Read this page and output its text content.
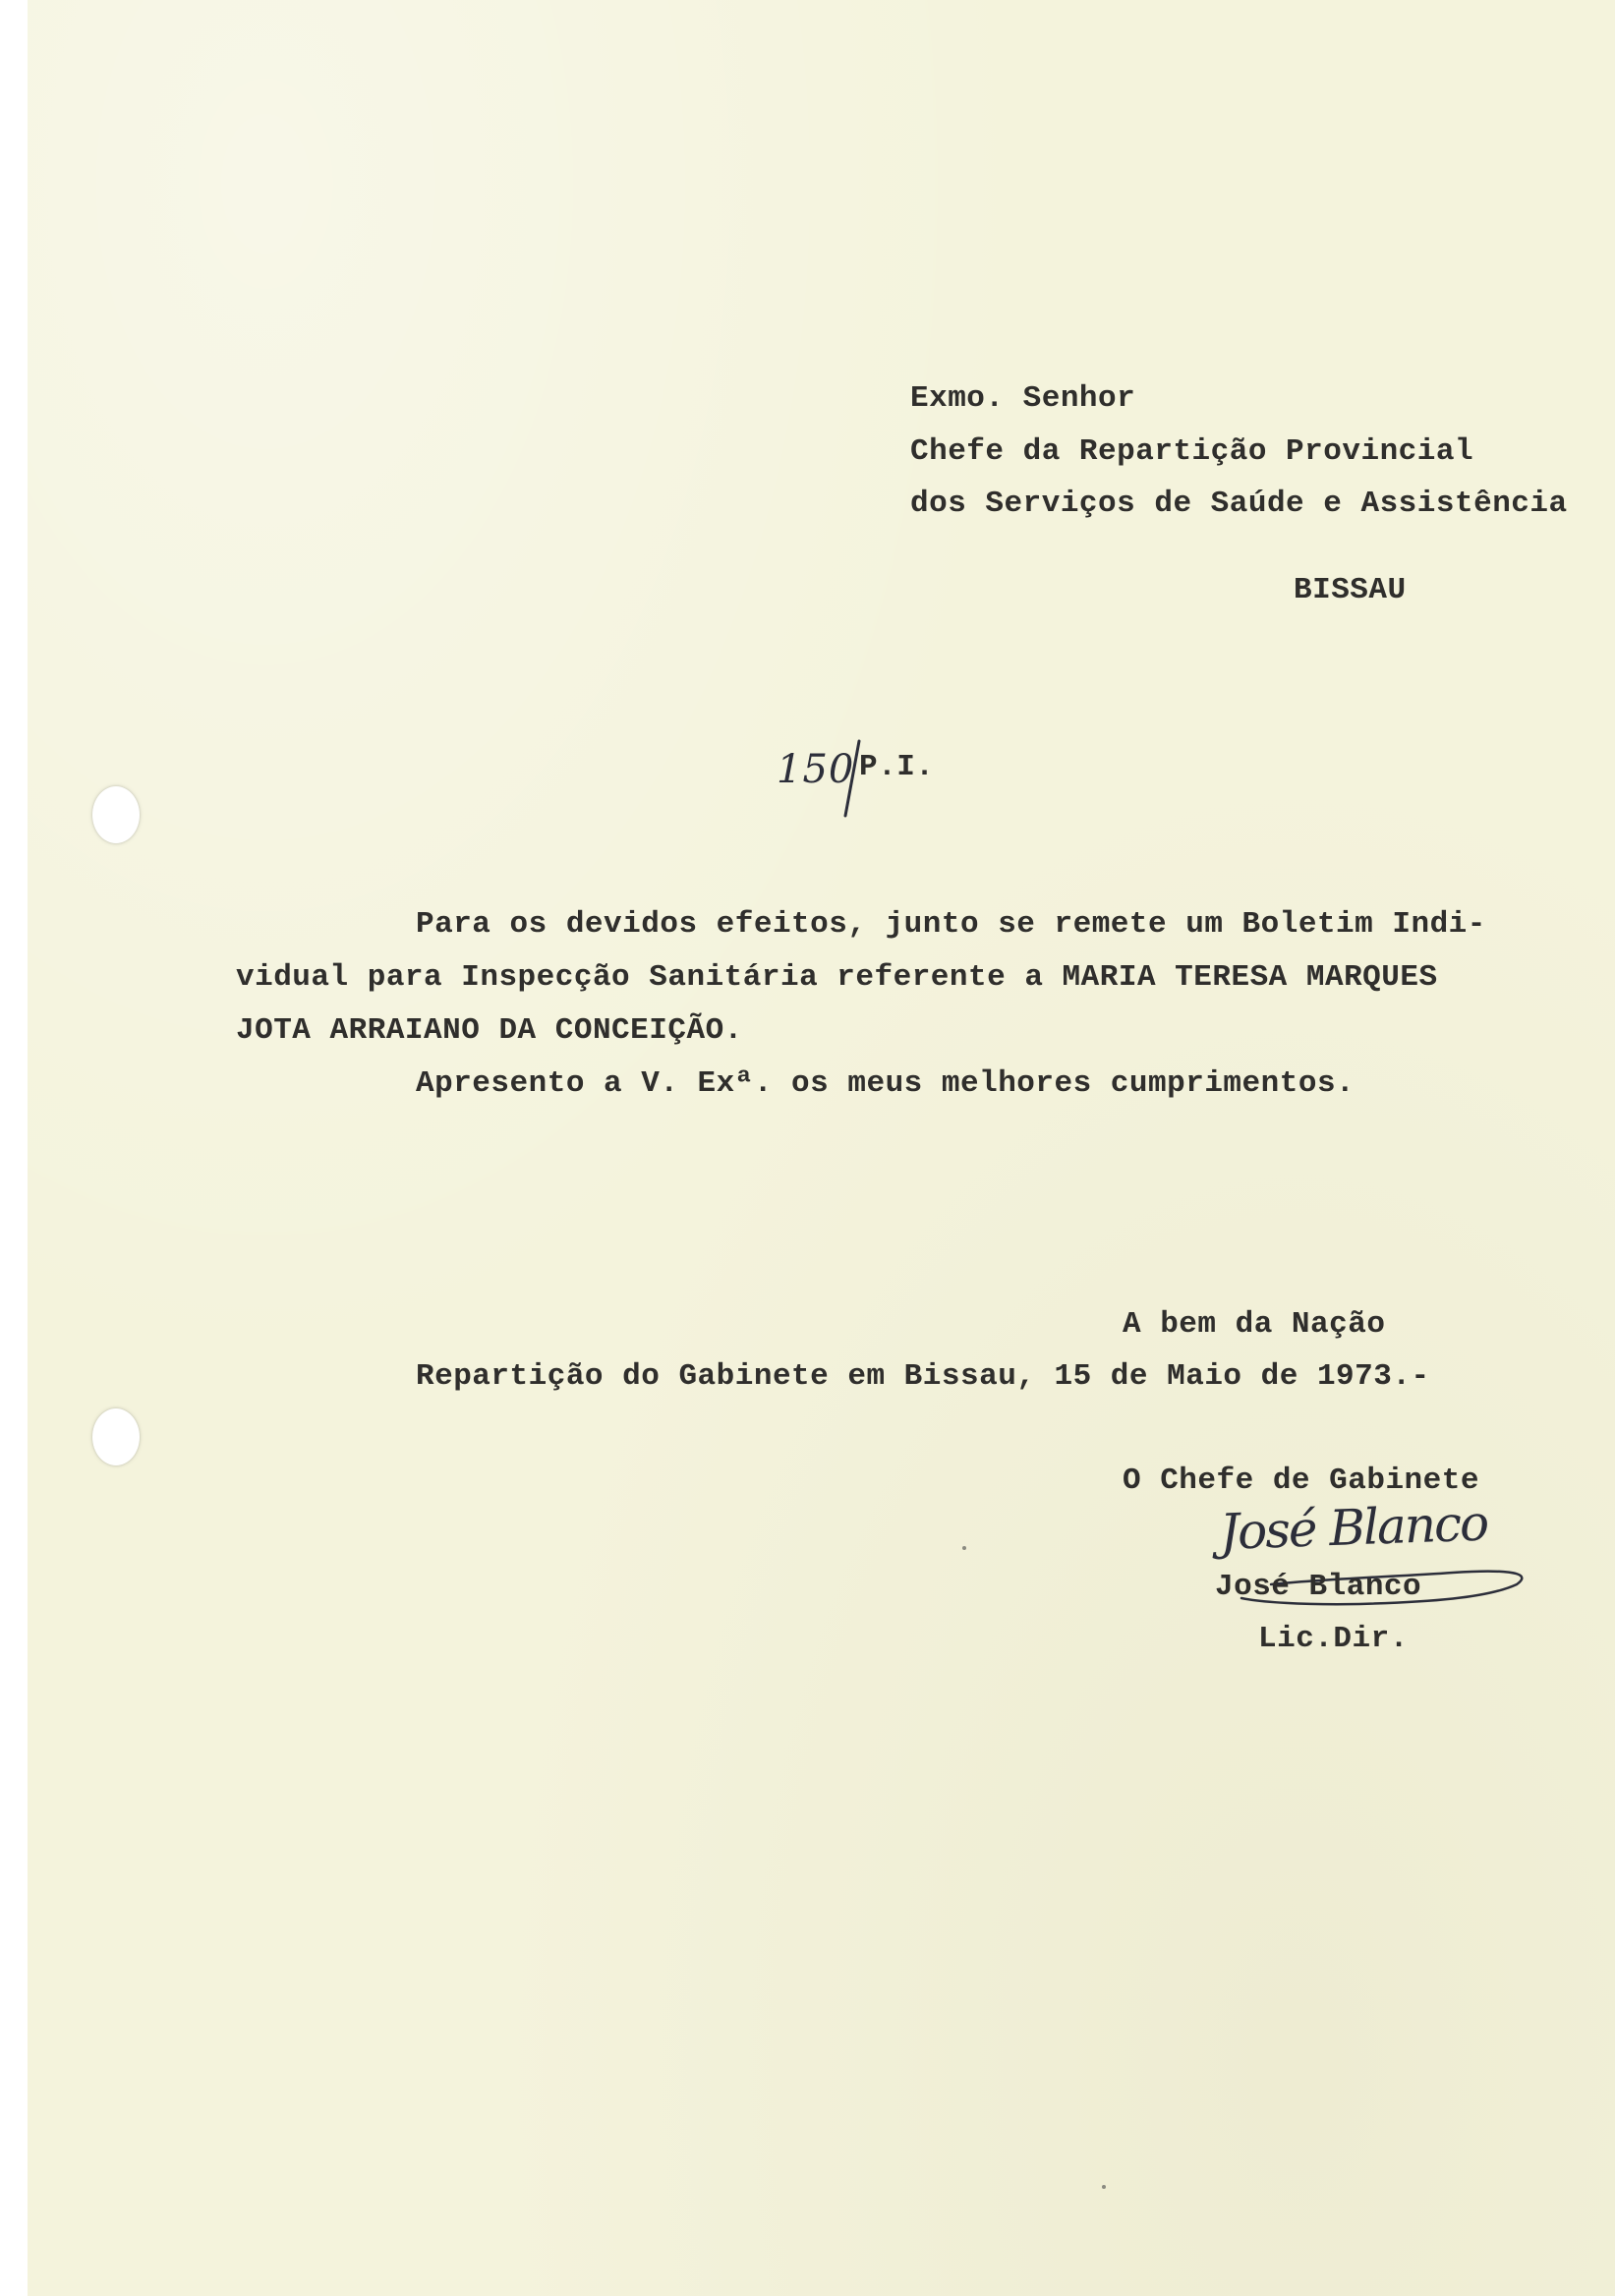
Exmo. Senhor
Chefe da Repartição Provincial
dos Serviços de Saúde e Assistência
BISSAU
150 P.I.
Para os devidos efeitos, junto se remete um Boletim Indi-
vidual para Inspecção Sanitária referente a MARIA TERESA MARQUES
JOTA ARRAIANO DA CONCEIÇÃO.
Apresento a V. Exª. os meus melhores cumprimentos.
A bem da Nação
Repartição do Gabinete em Bissau, 15 de Maio de 1973.-
O Chefe de Gabinete
José Blanco
José Blanco
Lic.Dir.
